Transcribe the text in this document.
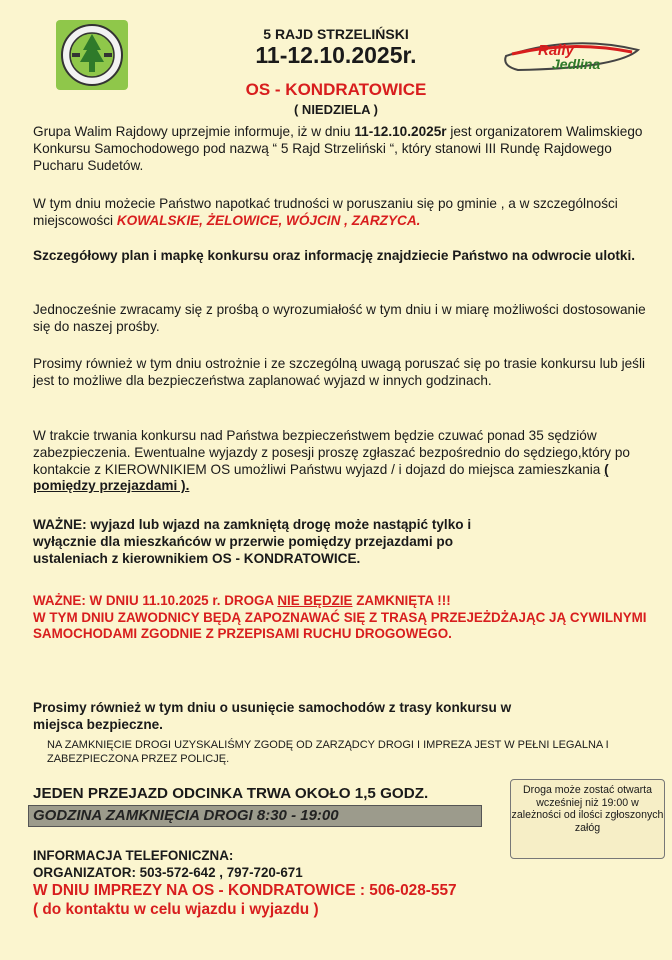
5 RAJD STRZELIŃSKI
11-12.10.2025r.
OS - KONDRATOWICE
( NIEDZIELA )
Rally
Jedlina
Grupa Walim Rajdowy uprzejmie informuje, iż w dniu 11-12.10.2025r jest organizatorem Walimskiego Konkursu Samochodowego pod nazwą “ 5 Rajd Strzeliński “, który stanowi III Rundę Rajdowego Pucharu Sudetów.
W tym dniu możecie Państwo napotkać trudności w poruszaniu się po gminie , a w szczególności miejscowości KOWALSKIE, ŻELOWICE, WÓJCIN , ZARZYCA.
Szczegółowy plan i mapkę konkursu oraz informację znajdziecie Państwo na odwrocie ulotki.
Jednocześnie zwracamy się z prośbą o wyrozumiałość w tym dniu i w miarę możliwości dostosowanie się do naszej prośby.
Prosimy również w tym dniu ostrożnie i ze szczególną uwagą poruszać się po trasie konkursu lub jeśli jest to możliwe dla bezpieczeństwa zaplanować wyjazd w innych godzinach.
W trakcie trwania konkursu nad Państwa bezpieczeństwem będzie czuwać ponad 35 sędziów zabezpieczenia. Ewentualne wyjazdy z posesji proszę zgłaszać bezpośrednio do sędziego,który po kontakcie z KIEROWNIKIEM OS umożliwi Państwu wyjazd / i dojazd do miejsca zamieszkania ( pomiędzy przejazdami ).
WAŻNE: wyjazd lub wjazd na zamkniętą drogę może nastąpić tylko i wyłącznie dla mieszkańców w przerwie pomiędzy przejazdami po ustaleniach z kierownikiem OS - KONDRATOWICE.
WAŻNE: W DNIU 11.10.2025 r. DROGA NIE BĘDZIE ZAMKNIĘTA !!!
W TYM DNIU ZAWODNICY BĘDĄ ZAPOZNAWAĆ SIĘ Z TRASĄ PRZEJEŻDŻAJĄC JĄ CYWILNYMI SAMOCHODAMI ZGODNIE Z PRZEPISAMI RUCHU DROGOWEGO.
Prosimy również w tym dniu o usunięcie samochodów z trasy konkursu w miejsca bezpieczne.
NA ZAMKNIĘCIE DROGI UZYSKALIŚMY ZGODĘ OD ZARZĄDCY DROGI I IMPREZA JEST W PEŁNI LEGALNA I ZABEZPIECZONA PRZEZ POLICJĘ.
JEDEN PRZEJAZD ODCINKA TRWA OKOŁO 1,5 GODZ.
GODZINA ZAMKNIĘCIA DROGI 8:30 - 19:00
Droga może zostać otwarta wcześniej niż 19:00 w zależności od ilości zgłoszonych załóg
INFORMACJA TELEFONICZNA:
ORGANIZATOR: 503-572-642 , 797-720-671
W DNIU IMPREZY NA OS - KONDRATOWICE : 506-028-557
( do kontaktu w celu wjazdu i wyjazdu )
